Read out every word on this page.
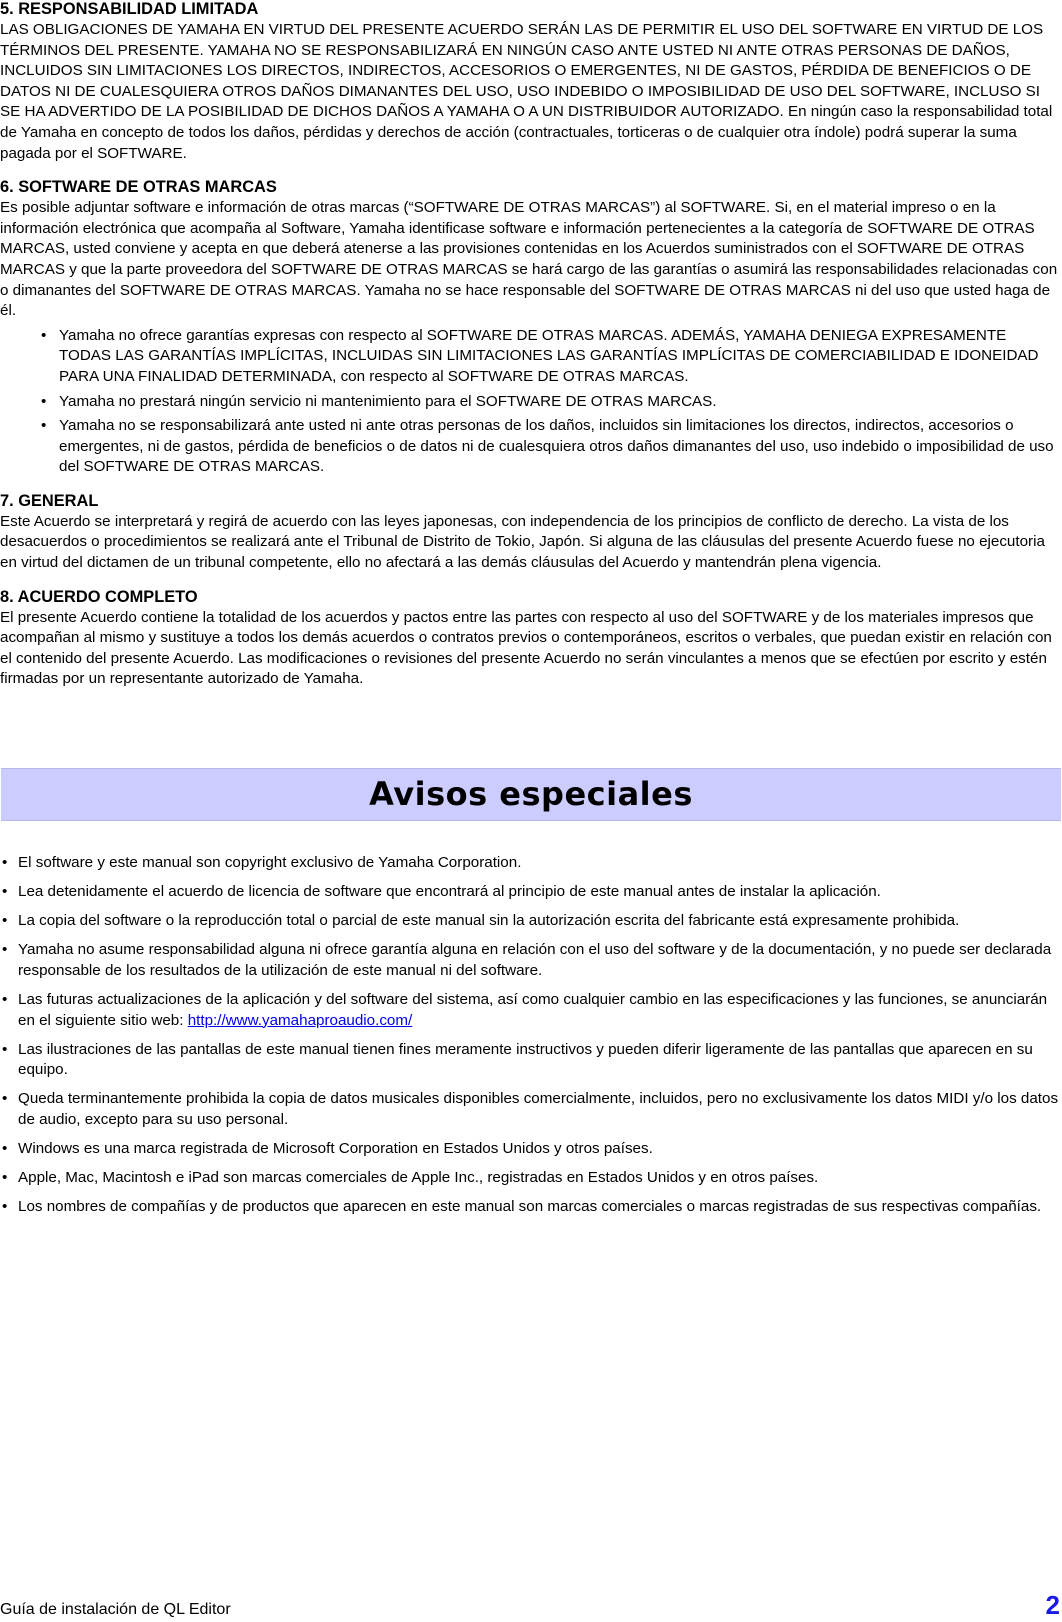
5. RESPONSABILIDAD LIMITADA

LAS OBLIGACIONES DE YAMAHA EN VIRTUD DEL PRESENTE ACUERDO SERÁN LAS DE PERMITIR EL USO DEL SOFTWARE EN VIRTUD DE LOS TÉRMINOS DEL PRESENTE. YAMAHA NO SE RESPONSABILIZARÁ EN NINGÚN CASO ANTE USTED NI ANTE OTRAS PERSONAS DE DAÑOS, INCLUIDOS SIN LIMITACIONES LOS DIRECTOS, INDIRECTOS, ACCESORIOS O EMERGENTES, NI DE GASTOS, PÉRDIDA DE BENEFICIOS O DE DATOS NI DE CUALESQUIERA OTROS DAÑOS DIMANANTES DEL USO, USO INDEBIDO O IMPOSIBILIDAD DE USO DEL SOFTWARE, INCLUSO SI SE HA ADVERTIDO DE LA POSIBILIDAD DE DICHOS DAÑOS A YAMAHA O A UN DISTRIBUIDOR AUTORIZADO. En ningún caso la responsabilidad total de Yamaha en concepto de todos los daños, pérdidas y derechos de acción (contractuales, torticeras o de cualquier otra índole) podrá superar la suma pagada por el SOFTWARE.

6. SOFTWARE DE OTRAS MARCAS

Es posible adjuntar software e información de otras marcas (“SOFTWARE DE OTRAS MARCAS”) al SOFTWARE. Si, en el material impreso o en la información electrónica que acompaña al Software, Yamaha identificase software e información pertenecientes a la categoría de SOFTWARE DE OTRAS MARCAS, usted conviene y acepta en que deberá atenerse a las provisiones contenidas en los Acuerdos suministrados con el SOFTWARE DE OTRAS MARCAS y que la parte proveedora del SOFTWARE DE OTRAS MARCAS se hará cargo de las garantías o asumirá las responsabilidades relacionadas con o dimanantes del SOFTWARE DE OTRAS MARCAS. Yamaha no se hace responsable del SOFTWARE DE OTRAS MARCAS ni del uso que usted haga de él.

• Yamaha no ofrece garantías expresas con respecto al SOFTWARE DE OTRAS MARCAS. ADEMÁS, YAMAHA DENIEGA EXPRESAMENTE TODAS LAS GARANTÍAS IMPLÍCITAS, INCLUIDAS SIN LIMITACIONES LAS GARANTÍAS IMPLÍCITAS DE COMERCIABILIDAD E IDONEIDAD PARA UNA FINALIDAD DETERMINADA, con respecto al SOFTWARE DE OTRAS MARCAS.
• Yamaha no prestará ningún servicio ni mantenimiento para el SOFTWARE DE OTRAS MARCAS.
• Yamaha no se responsabilizará ante usted ni ante otras personas de los daños, incluidos sin limitaciones los directos, indirectos, accesorios o emergentes, ni de gastos, pérdida de beneficios o de datos ni de cualesquiera otros daños dimanantes del uso, uso indebido o imposibilidad de uso del SOFTWARE DE OTRAS MARCAS.
7. GENERAL

Este Acuerdo se interpretará y regirá de acuerdo con las leyes japonesas, con independencia de los principios de conflicto de derecho. La vista de los desacuerdos o procedimientos se realizará ante el Tribunal de Distrito de Tokio, Japón. Si alguna de las cláusulas del presente Acuerdo fuese no ejecutoria en virtud del dictamen de un tribunal competente, ello no afectará a las demás cláusulas del Acuerdo y mantendrán plena vigencia.

8. ACUERDO COMPLETO

El presente Acuerdo contiene la totalidad de los acuerdos y pactos entre las partes con respecto al uso del SOFTWARE y de los materiales impresos que acompañan al mismo y sustituye a todos los demás acuerdos o contratos previos o contemporáneos, escritos o verbales, que puedan existir en relación con el contenido del presente Acuerdo. Las modificaciones o revisiones del presente Acuerdo no serán vinculantes a menos que se efectúen por escrito y estén firmadas por un representante autorizado de Yamaha.

Avisos especiales
• El software y este manual son copyright exclusivo de Yamaha Corporation.
• Lea detenidamente el acuerdo de licencia de software que encontrará al principio de este manual antes de instalar la aplicación.
• La copia del software o la reproducción total o parcial de este manual sin la autorización escrita del fabricante está expresamente prohibida.
• Yamaha no asume responsabilidad alguna ni ofrece garantía alguna en relación con el uso del software y de la documentación, y no puede ser declarada responsable de los resultados de la utilización de este manual ni del software.
• Las futuras actualizaciones de la aplicación y del software del sistema, así como cualquier cambio en las especificaciones y las funciones, se anunciarán en el siguiente sitio web: http://www.yamahaproaudio.com/
• Las ilustraciones de las pantallas de este manual tienen fines meramente instructivos y pueden diferir ligeramente de las pantallas que aparecen en su equipo.
• Queda terminantemente prohibida la copia de datos musicales disponibles comercialmente, incluidos, pero no exclusivamente los datos MIDI y/o los datos de audio, excepto para su uso personal.
• Windows es una marca registrada de Microsoft Corporation en Estados Unidos y otros países.
• Apple, Mac, Macintosh e iPad son marcas comerciales de Apple Inc., registradas en Estados Unidos y en otros países.
• Los nombres de compañías y de productos que aparecen en este manual son marcas comerciales o marcas registradas de sus respectivas compañías.
Guía de instalación de QL Editor	2
